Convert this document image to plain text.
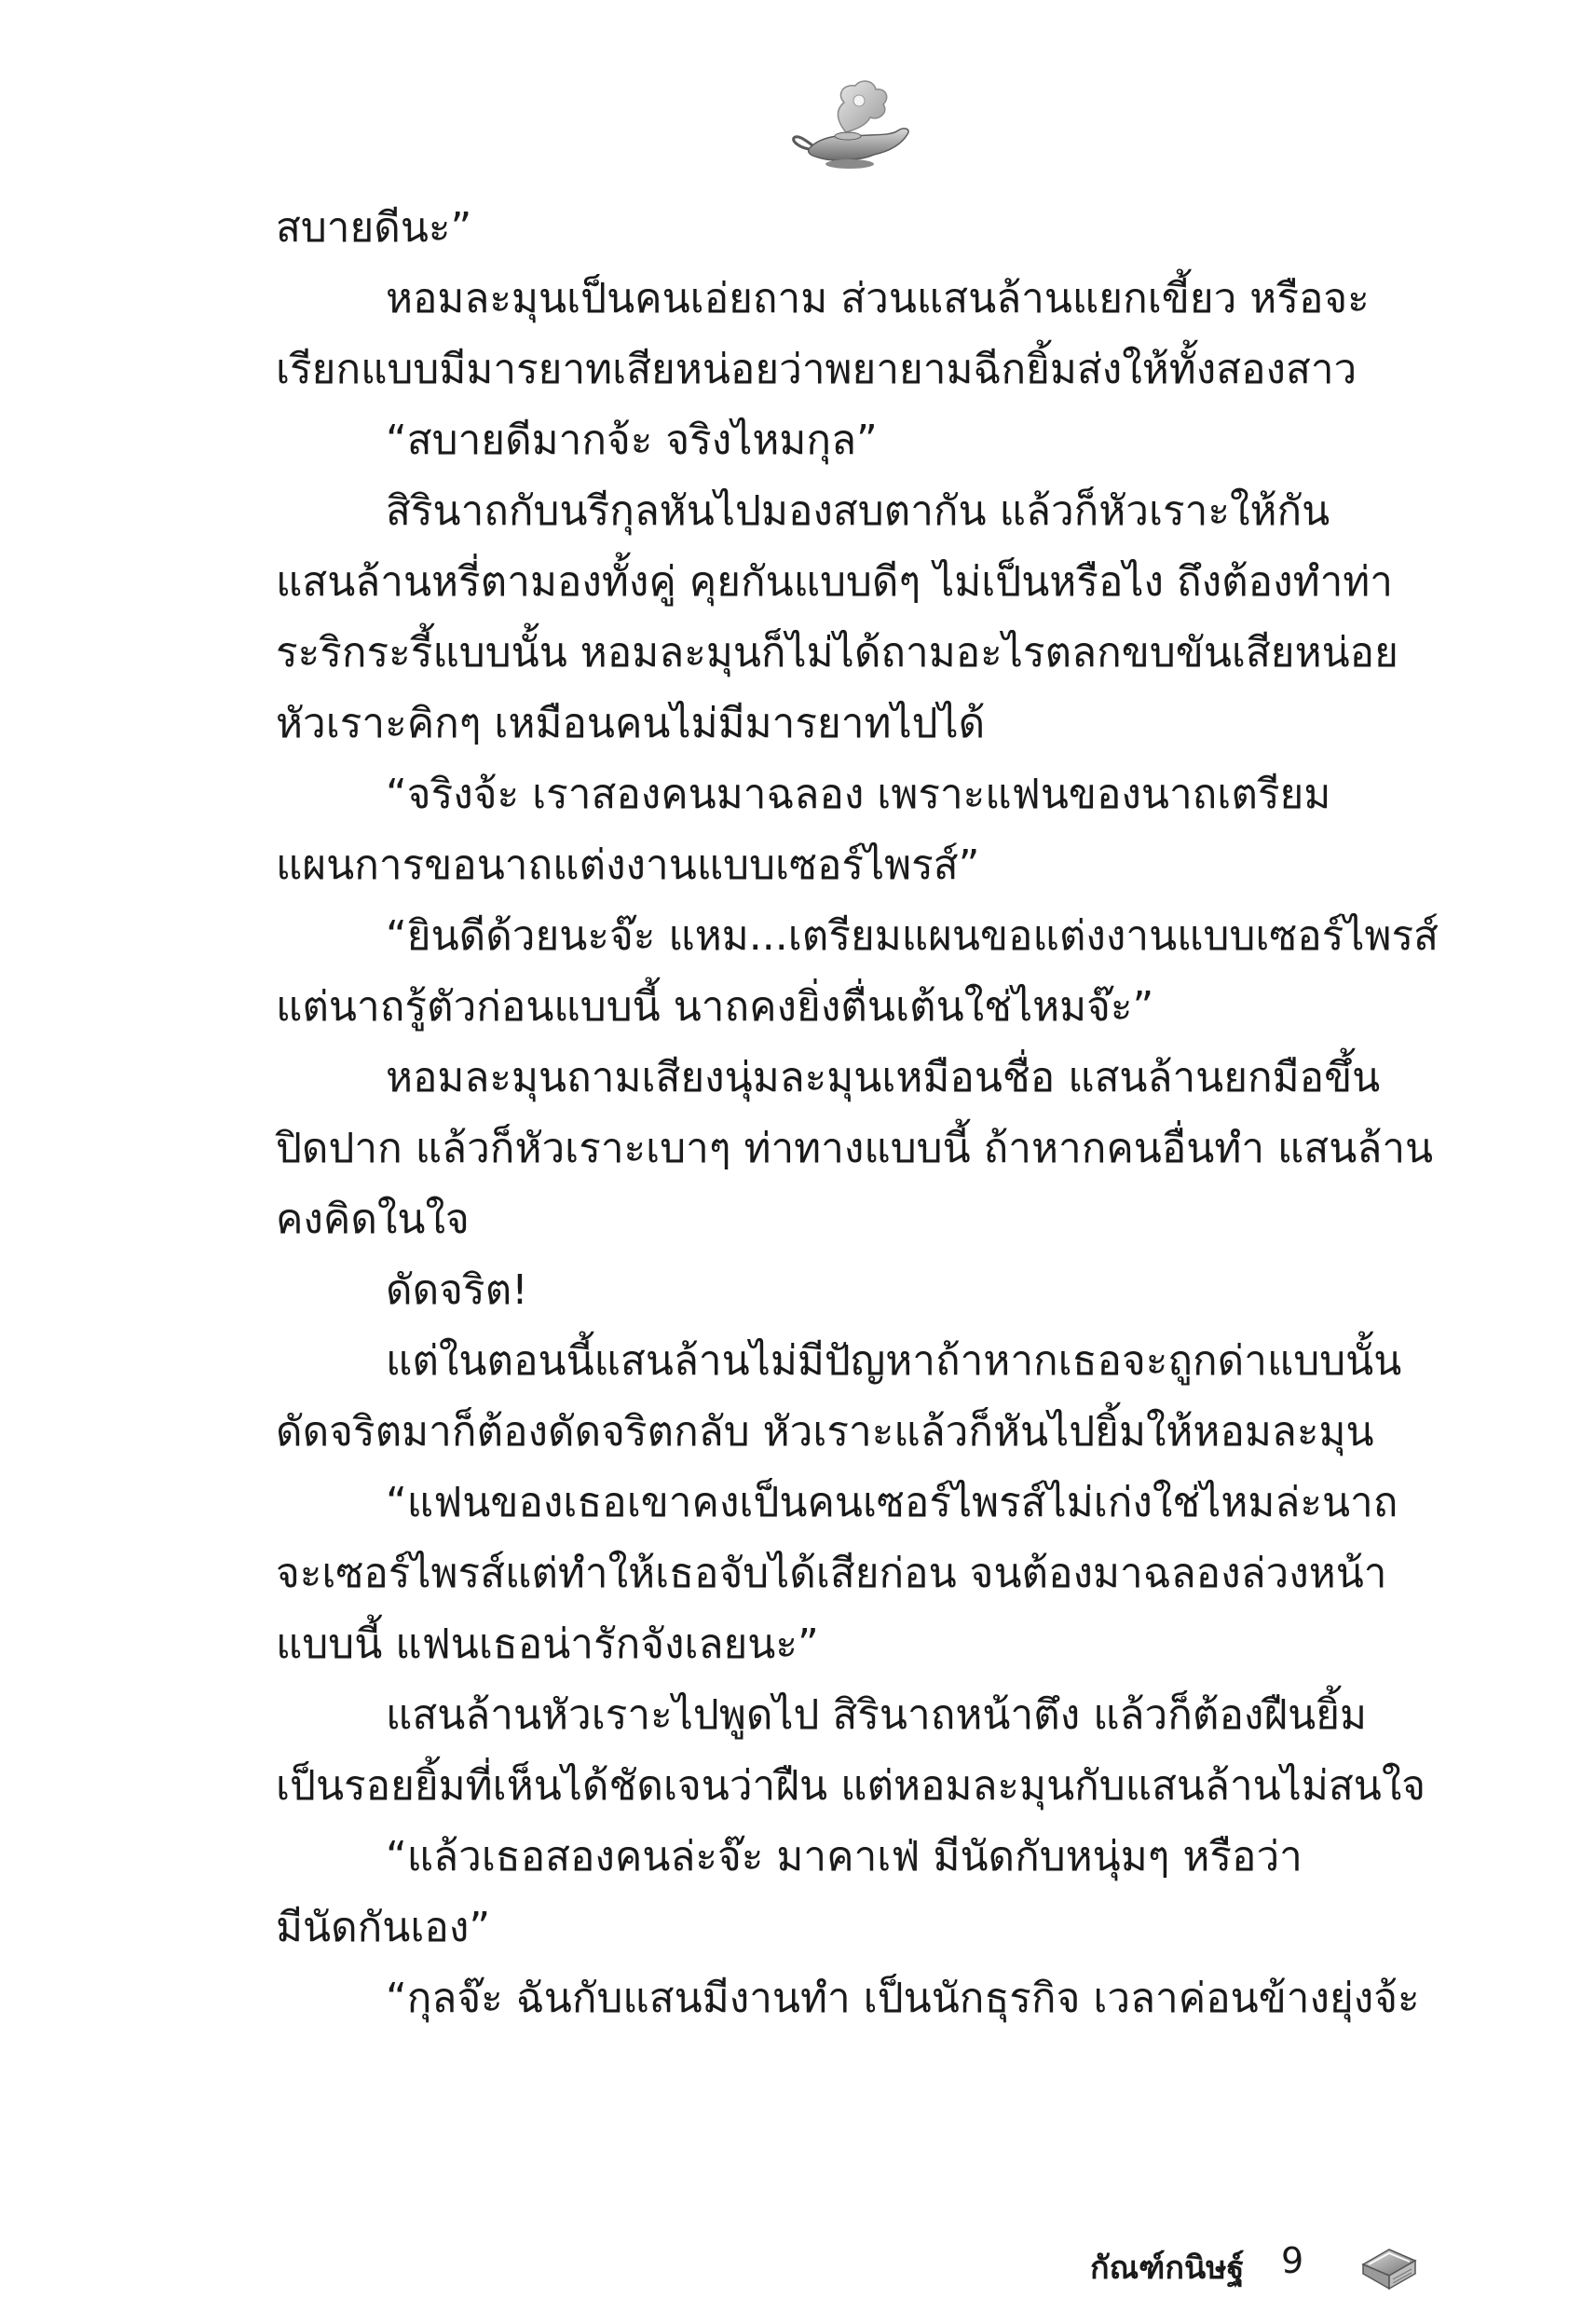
สบายดีนะ”
หอมละมุนเป็นคนเอ่ยถาม ส่วนแสนล้านแยกเขี้ยว หรือจะ
เรียกแบบมีมารยาทเสียหน่อยว่าพยายามฉีกยิ้มส่งให้ทั้งสองสาว
“สบายดีมากจ้ะ จริงไหมกุล”
สิรินาถกับนรีกุลหันไปมองสบตากัน แล้วก็หัวเราะให้กัน
แสนล้านหรี่ตามองทั้งคู่ คุยกันแบบดีๆ ไม่เป็นหรือไง ถึงต้องทำท่า
ระริกระรี้แบบนั้น หอมละมุนก็ไม่ได้ถามอะไรตลกขบขันเสียหน่อย
หัวเราะคิกๆ เหมือนคนไม่มีมารยาทไปได้
“จริงจ้ะ เราสองคนมาฉลอง เพราะแฟนของนาถเตรียม
แผนการขอนาถแต่งงานแบบเซอร์ไพรส์”
“ยินดีด้วยนะจ๊ะ แหม...เตรียมแผนขอแต่งงานแบบเซอร์ไพรส์
แต่นาถรู้ตัวก่อนแบบนี้ นาถคงยิ่งตื่นเต้นใช่ไหมจ๊ะ”
หอมละมุนถามเสียงนุ่มละมุนเหมือนชื่อ แสนล้านยกมือขึ้น
ปิดปาก แล้วก็หัวเราะเบาๆ ท่าทางแบบนี้ ถ้าหากคนอื่นทำ แสนล้าน
คงคิดในใจ
ดัดจริต!
แต่ในตอนนี้แสนล้านไม่มีปัญหาถ้าหากเธอจะถูกด่าแบบนั้น
ดัดจริตมาก็ต้องดัดจริตกลับ หัวเราะแล้วก็หันไปยิ้มให้หอมละมุน
“แฟนของเธอเขาคงเป็นคนเซอร์ไพรส์ไม่เก่งใช่ไหมล่ะนาถ
จะเซอร์ไพรส์แต่ทำให้เธอจับได้เสียก่อน จนต้องมาฉลองล่วงหน้า
แบบนี้ แฟนเธอน่ารักจังเลยนะ”
แสนล้านหัวเราะไปพูดไป สิรินาถหน้าตึง แล้วก็ต้องฝืนยิ้ม
เป็นรอยยิ้มที่เห็นได้ชัดเจนว่าฝืน แต่หอมละมุนกับแสนล้านไม่สนใจ
“แล้วเธอสองคนล่ะจ๊ะ มาคาเฟ่ มีนัดกับหนุ่มๆ หรือว่า
มีนัดกันเอง”
“กุลจ๊ะ ฉันกับแสนมีงานทำ เป็นนักธุรกิจ เวลาค่อนข้างยุ่งจ้ะ
กัณฑ์กนิษฐ์ 9
